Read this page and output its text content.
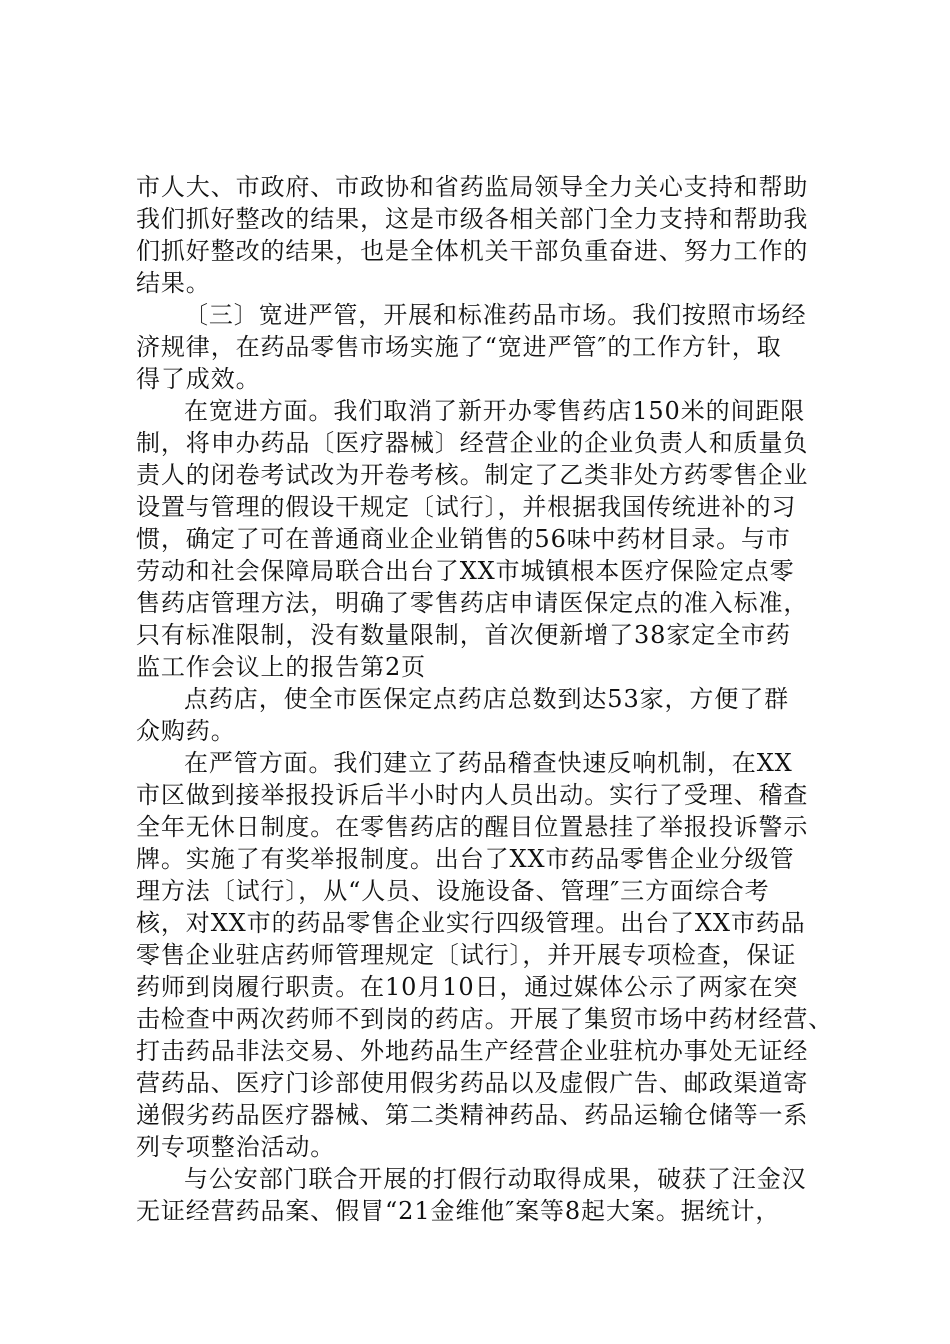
市人大、市政府、市政协和省药监局领导全力关心支持和帮助
我们抓好整改的结果，这是市级各相关部门全力支持和帮助我
们抓好整改的结果，也是全体机关干部负重奋进、努力工作的
结果。
〔三〕宽进严管，开展和标准药品市场。我们按照市场经
济规律，在药品零售市场实施了“宽进严管″的工作方针，取
得了成效。
在宽进方面。我们取消了新开办零售药店150米的间距限
制，将申办药品〔医疗器械〕经营企业的企业负责人和质量负
责人的闭卷考试改为开卷考核。制定了乙类非处方药零售企业
设置与管理的假设干规定〔试行〕，并根据我国传统进补的习
惯，确定了可在普通商业企业销售的56味中药材目录。与市
劳动和社会保障局联合出台了XX市城镇根本医疗保险定点零
售药店管理方法，明确了零售药店申请医保定点的准入标准，
只有标准限制，没有数量限制，首次便新增了38家定全市药
监工作会议上的报告第2页
点药店，使全市医保定点药店总数到达53家，方便了群
众购药。
在严管方面。我们建立了药品稽查快速反响机制，在XX
市区做到接举报投诉后半小时内人员出动。实行了受理、稽查
全年无休日制度。在零售药店的醒目位置悬挂了举报投诉警示
牌。实施了有奖举报制度。出台了XX市药品零售企业分级管
理方法〔试行〕，从“人员、设施设备、管理″三方面综合考
核，对XX市的药品零售企业实行四级管理。出台了XX市药品
零售企业驻店药师管理规定〔试行〕，并开展专项检查，保证
药师到岗履行职责。在10月10日，通过媒体公示了两家在突
击检查中两次药师不到岗的药店。开展了集贸市场中药材经营、
打击药品非法交易、外地药品生产经营企业驻杭办事处无证经
营药品、医疗门诊部使用假劣药品以及虚假广告、邮政渠道寄
递假劣药品医疗器械、第二类精神药品、药品运输仓储等一系
列专项整治活动。
与公安部门联合开展的打假行动取得成果，破获了汪金汉
无证经营药品案、假冒“21金维他″案等8起大案。据统计，
